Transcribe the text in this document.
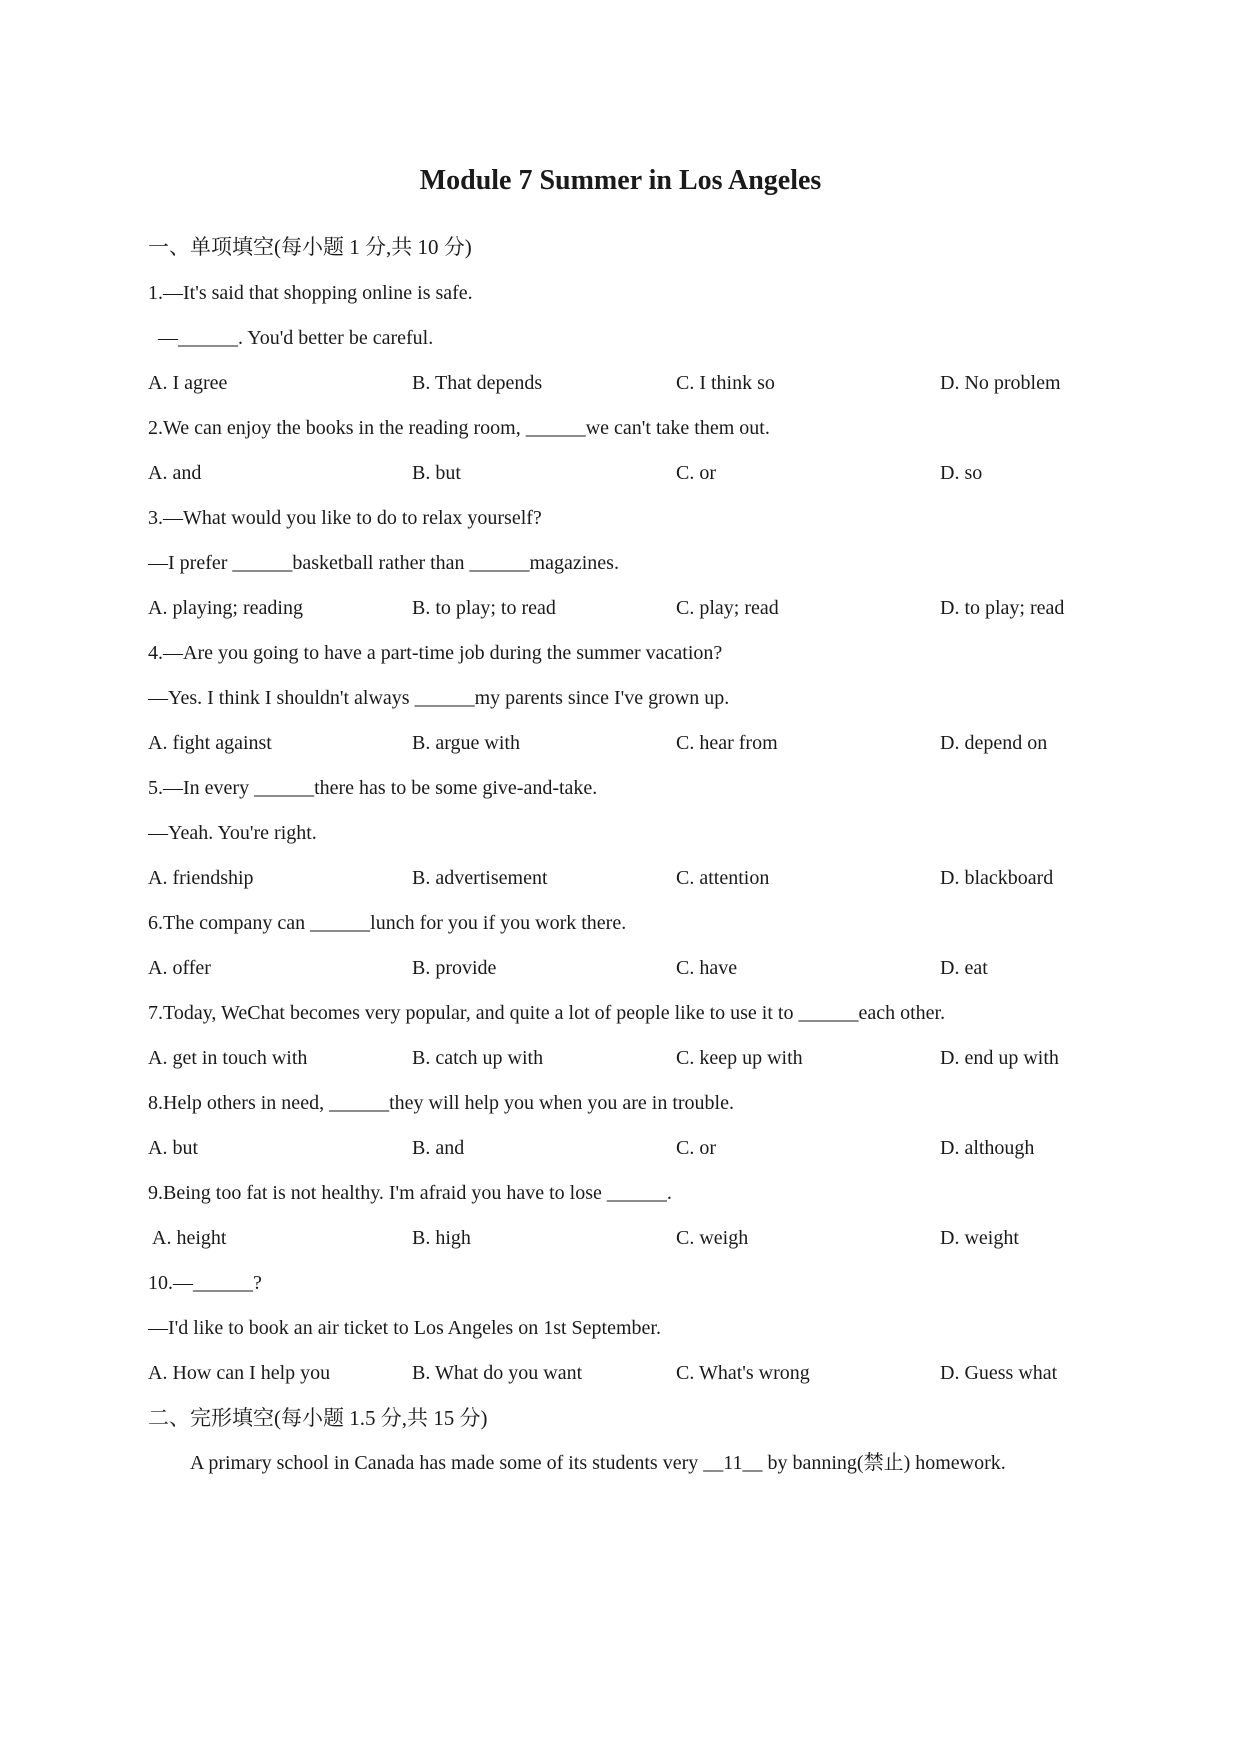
Module 7 Summer in Los Angeles
一、单项填空(每小题 1 分,共 10 分)
1.—It's said that shopping online is safe.
—______. You'd better be careful.
A. I agree	B. That depends	C. I think so	D. No problem
2.We can enjoy the books in the reading room, ______we can't take them out.
A. and	B. but	C. or	D. so
3.—What would you like to do to relax yourself?
—I prefer ______basketball rather than ______magazines.
A. playing; reading	B. to play; to read	C. play; read	D. to play; read
4.—Are you going to have a part-time job during the summer vacation?
—Yes. I think I shouldn't always ______my parents since I've grown up.
A. fight against	B. argue with	C. hear from	D. depend on
5.—In every ______there has to be some give-and-take.
—Yeah. You're right.
A. friendship	B. advertisement	C. attention	D. blackboard
6.The company can ______lunch for you if you work there.
A. offer	B. provide	C. have	D. eat
7.Today, WeChat becomes very popular, and quite a lot of people like to use it to ______each other.
A. get in touch with	B. catch up with	C. keep up with	D. end up with
8.Help others in need, ______they will help you when you are in trouble.
A. but	B. and	C. or	D. although
9.Being too fat is not healthy. I'm afraid you have to lose ______.
A. height	B. high	C. weigh	D. weight
10.—______?
—I'd like to book an air ticket to Los Angeles on 1st September.
A. How can I help you	B. What do you want	C. What's wrong	D. Guess what
二、完形填空(每小题 1.5 分,共 15 分)
A primary school in Canada has made some of its students very __11__ by banning(禁止) homework.
